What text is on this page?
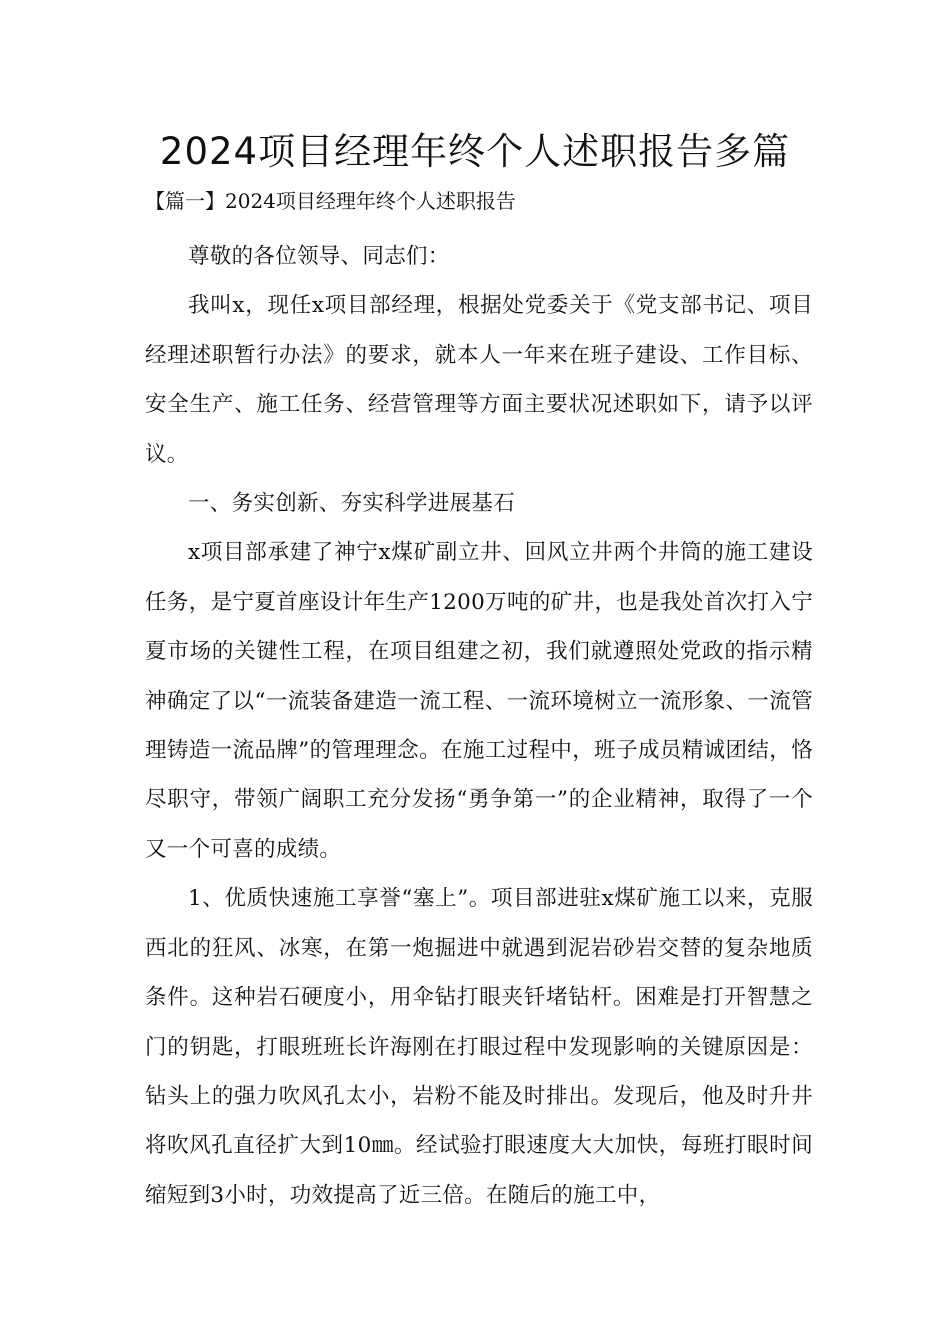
2024项目经理年终个人述职报告多篇
【篇一】2024项目经理年终个人述职报告

尊敬的各位领导、同志们：

我叫x，现任x项目部经理，根据处党委关于《党支部书记、项目经理述职暂行办法》的要求，就本人一年来在班子建设、工作目标、安全生产、施工任务、经营管理等方面主要状况述职如下，请予以评议。

一、务实创新、夯实科学进展基石

x项目部承建了神宁x煤矿副立井、回风立井两个井筒的施工建设任务，是宁夏首座设计年生产1200万吨的矿井，也是我处首次打入宁夏市场的关键性工程，在项目组建之初，我们就遵照处党政的指示精神确定了以“一流装备建造一流工程、一流环境树立一流形象、一流管理铸造一流品牌”的管理理念。在施工过程中，班子成员精诚团结，恪尽职守，带领广阔职工充分发扬“勇争第一”的企业精神，取得了一个又一个可喜的成绩。

1、优质快速施工享誉“塞上”。项目部进驻x煤矿施工以来，克服西北的狂风、冰寒，在第一炮掘进中就遇到泥岩砂岩交替的复杂地质条件。这种岩石硬度小，用伞钻打眼夹钎堵钻杆。困难是打开智慧之门的钥匙，打眼班班长许海刚在打眼过程中发现影响的关键原因是：钻头上的强力吹风孔太小，岩粉不能及时排出。发现后，他及时升井将吹风孔直径扩大到10㎜。经试验打眼速度大大加快，每班打眼时间缩短到3小时，功效提高了近三倍。在随后的施工中，
